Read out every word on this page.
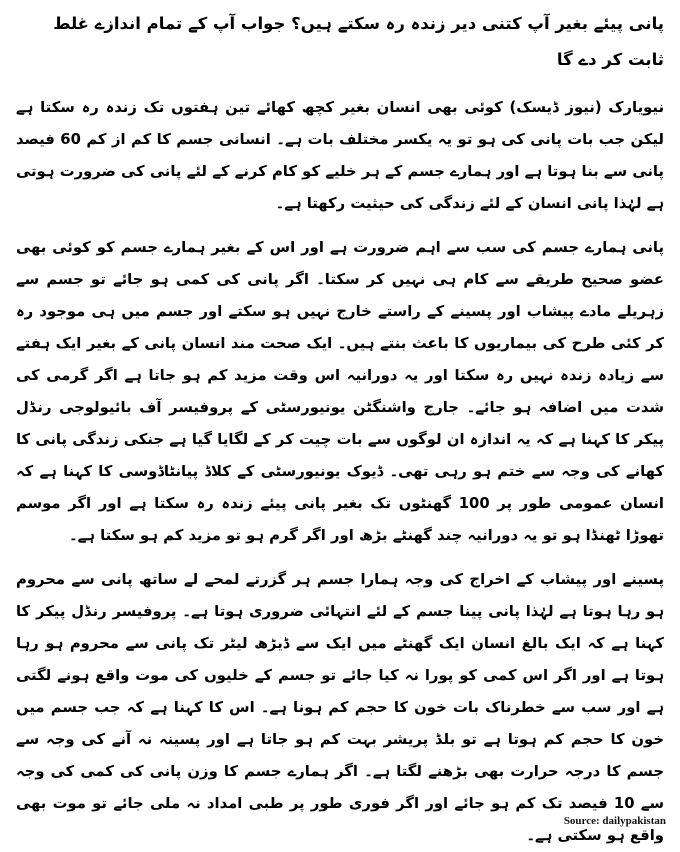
پانی پیئے بغیر آپ کتنی دیر زندہ رہ سکتے ہیں؟ جواب آپ کے تمام اندازے غلط ثابت کر دے گا

نیویارک (نیوز ڈیسک) کوئی بھی انسان بغیر کچھ کھائے تین ہفتوں تک زندہ رہ سکتا ہے لیکن جب بات پانی کی ہو تو یہ یکسر مختلف بات ہے۔ انسانی جسم کا کم از کم 60 فیصد پانی سے بنا ہوتا ہے اور ہمارے جسم کے ہر خلیے کو کام کرنے کے لئے پانی کی ضرورت ہوتی ہے لہٰذا پانی انسان کے لئے زندگی کی حیثیت رکھتا ہے۔

پانی ہمارے جسم کی سب سے اہم ضرورت ہے اور اس کے بغیر ہمارے جسم کو کوئی بھی عضو صحیح طریقے سے کام ہی نہیں کر سکتا۔ اگر پانی کی کمی ہو جائے تو جسم سے زہریلے مادے پیشاب اور پسینے کے راستے خارج نہیں ہو سکتے اور جسم میں ہی موجود رہ کر کئی طرح کی بیماریوں کا باعث بنتے ہیں۔ ایک صحت مند انسان پانی کے بغیر ایک ہفتے سے زیادہ زندہ نہیں رہ سکتا اور یہ دورانیہ اس وقت مزید کم ہو جاتا ہے اگر گرمی کی شدت میں اضافہ ہو جائے۔ جارج واشنگٹن یونیورسٹی کے پروفیسر آف بائیولوجی رنڈل پیکر کا کہنا ہے کہ یہ اندازہ ان لوگوں سے بات چیت کر کے لگایا گیا ہے جنکی زندگی پانی کا کھانے کی وجہ سے ختم ہو رہی تھی۔ ڈیوک یونیورسٹی کے کلاڈ پیانٹاڈوسی کا کہنا ہے کہ انسان عمومی طور پر 100 گھنٹوں تک بغیر پانی پیئے زندہ رہ سکتا ہے اور اگر موسم تھوڑا ٹھنڈا ہو تو یہ دورانیہ چند گھنٹے بڑھ اور اگر گرم ہو تو مزید کم ہو سکتا ہے۔

پسینے اور پیشاب کے اخراج کی وجہ ہمارا جسم ہر گزرتے لمحے لے ساتھ پانی سے محروم ہو رہا ہوتا ہے لہٰذا پانی پینا جسم کے لئے انتہائی ضروری ہوتا ہے۔ پروفیسر رنڈل پیکر کا کہنا ہے کہ ایک بالغ انسان ایک گھنٹے میں ایک سے ڈیڑھ لیٹر تک پانی سے محروم ہو رہا ہوتا ہے اور اگر اس کمی کو پورا نہ کیا جائے تو جسم کے خلیوں کی موت واقع ہونے لگتی ہے اور سب سے خطرناک بات خون کا حجم کم ہونا ہے۔ اس کا کہنا ہے کہ جب جسم میں خون کا حجم کم ہوتا ہے تو بلڈ پریشر بہت کم ہو جاتا ہے اور پسینہ نہ آنے کی وجہ سے جسم کا درجہ حرارت بھی بڑھنے لگتا ہے۔ اگر ہمارے جسم کا وزن پانی کی کمی کی وجہ سے 10 فیصد تک کم ہو جائے اور اگر فوری طور پر طبی امداد نہ ملی جائے تو موت بھی واقع ہو سکتی ہے۔

Source: dailypakistan
